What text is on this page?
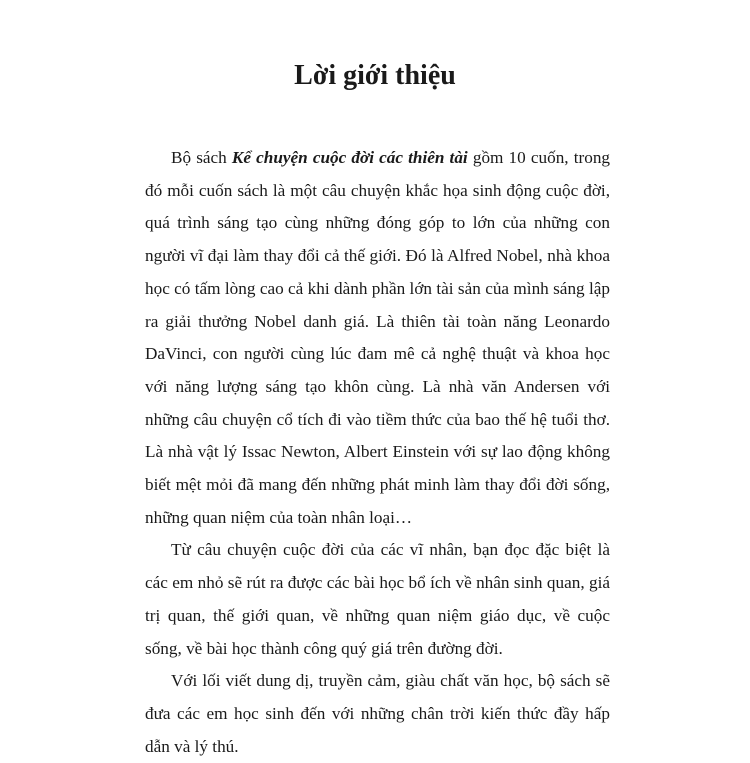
Lời giới thiệu

Bộ sách Kể chuyện cuộc đời các thiên tài gồm 10 cuốn, trong đó mỗi cuốn sách là một câu chuyện khắc họa sinh động cuộc đời, quá trình sáng tạo cùng những đóng góp to lớn của những con người vĩ đại làm thay đổi cả thế giới. Đó là Alfred Nobel, nhà khoa học có tấm lòng cao cả khi dành phần lớn tài sản của mình sáng lập ra giải thưởng Nobel danh giá. Là thiên tài toàn năng Leonardo DaVinci, con người cùng lúc đam mê cả nghệ thuật và khoa học với năng lượng sáng tạo khôn cùng. Là nhà văn Andersen với những câu chuyện cổ tích đi vào tiềm thức của bao thế hệ tuổi thơ. Là nhà vật lý Issac Newton, Albert Einstein với sự lao động không biết mệt mỏi đã mang đến những phát minh làm thay đổi đời sống, những quan niệm của toàn nhân loại…

Từ câu chuyện cuộc đời của các vĩ nhân, bạn đọc đặc biệt là các em nhỏ sẽ rút ra được các bài học bổ ích về nhân sinh quan, giá trị quan, thế giới quan, về những quan niệm giáo dục, về cuộc sống, về bài học thành công quý giá trên đường đời.

Với lối viết dung dị, truyền cảm, giàu chất văn học, bộ sách sẽ đưa các em học sinh đến với những chân trời kiến thức đầy hấp dẫn và lý thú.
